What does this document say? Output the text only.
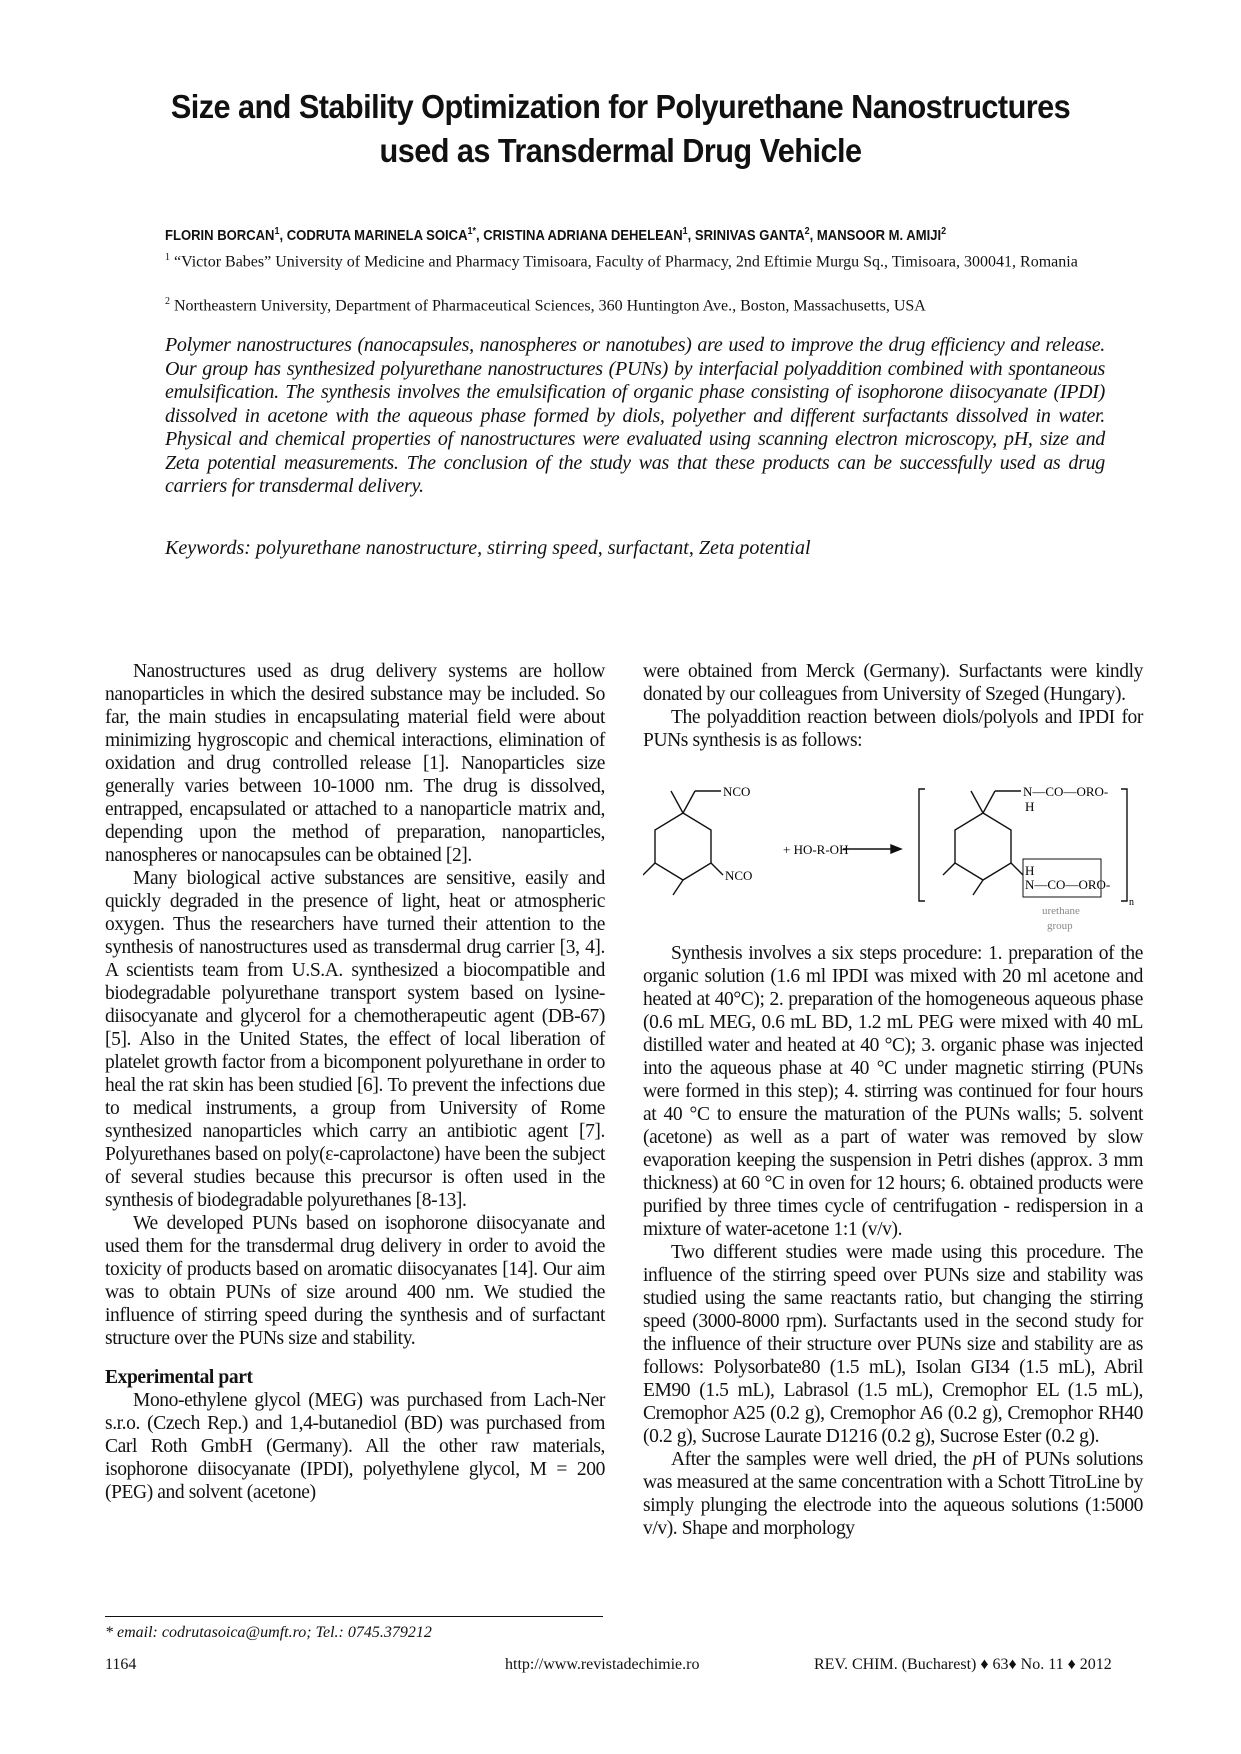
Size and Stability Optimization for Polyurethane Nanostructures
used as Transdermal Drug Vehicle
FLORIN BORCAN$^1$, CODRUTA MARINELA $SOICA^{1*}$, CRISTINA ADRIANA DEHELEAN$^1$, SRINIVAS GANTA$^2$, MANSOOR M. AMIJI$^2$
$^1$ “Victor Babes” University of Medicine and Pharmacy Timisoara, Faculty of Pharmacy, 2nd Eftimie Murgu Sq., Timisoara, 300041, Romania
$^2$ Northeastern University, Department of Pharmaceutical Sciences, 360 Huntington Ave., Boston, Massachusetts, USA
Polymer nanostructures (nanocapsules, nanospheres or nanotubes) are used to improve the drug efficiency and release. Our group has synthesized polyurethane nanostructures (PUNs) by interfacial polyaddition combined with spontaneous emulsification. The synthesis involves the emulsification of organic phase consisting of isophorone diisocyanate (IPDI) dissolved in acetone with the aqueous phase formed by diols, polyether and different surfactants dissolved in water. Physical and chemical properties of nanostructures were evaluated using scanning electron microscopy, pH, size and Zeta potential measurements. The conclusion of the study was that these products can be successfully used as drug carriers for transdermal delivery.
Keywords: polyurethane nanostructure, stirring speed, surfactant, Zeta potential

Nanostructures used as drug delivery systems are hollow nanoparticles in which the desired substance may be included. So far, the main studies in encapsulating material field were about minimizing hygroscopic and chemical interactions, elimination of oxidation and drug controlled release [1]. Nanoparticles size generally varies between 10-1000 nm. The drug is dissolved, entrapped, encapsulated or attached to a nanoparticle matrix and, depending upon the method of preparation, nanoparticles, nanospheres or nanocapsules can be obtained [2].

Many biological active substances are sensitive, easily and quickly degraded in the presence of light, heat or atmospheric oxygen. Thus the researchers have turned their attention to the synthesis of nanostructures used as transdermal drug carrier [3, 4]. A scientists team from U.S.A. synthesized a biocompatible and biodegradable polyurethane transport system based on lysine-diisocyanate and glycerol for a chemotherapeutic agent (DB-67) [5]. Also in the United States, the effect of local liberation of platelet growth factor from a bicomponent polyurethane in order to heal the rat skin has been studied [6]. To prevent the infections due to medical instruments, a group from University of Rome synthesized nanoparticles which carry an antibiotic agent [7]. Polyurethanes based on poly(ε-caprolactone) have been the subject of several studies because this precursor is often used in the synthesis of biodegradable polyurethanes [8-13].

We developed PUNs based on isophorone diisocyanate and used them for the transdermal drug delivery in order to avoid the toxicity of products based on aromatic diisocyanates [14]. Our aim was to obtain PUNs of size around 400 nm. We studied the influence of stirring speed during the synthesis and of surfactant structure over the PUNs size and stability.

Experimental part

Mono-ethylene glycol (MEG) was purchased from Lach-Ner s.r.o. (Czech Rep.) and 1,4-butanediol (BD) was purchased from Carl Roth GmbH (Germany). All the other raw materials, isophorone diisocyanate (IPDI), polyethylene glycol, M = 200 (PEG) and solvent (acetone)

were obtained from Merck (Germany). Surfactants were kindly donated by our colleagues from University of Szeged (Hungary).

The polyaddition reaction between diols/polyols and IPDI for PUNs synthesis is as follows:

NCO
NCO
+ HO-R-OH
N—CO—ORO-
H
H
N—CO—ORO-
n
urethane
group

Synthesis involves a six steps procedure: 1. preparation of the organic solution (1.6 ml IPDI was mixed with 20 ml acetone and heated at 40°C); 2. preparation of the homogeneous aqueous phase (0.6 mL MEG, 0.6 mL BD, 1.2 mL PEG were mixed with 40 mL distilled water and heated at 40 °C); 3. organic phase was injected into the aqueous phase at 40 °C under magnetic stirring (PUNs were formed in this step); 4. stirring was continued for four hours at 40 °C to ensure the maturation of the PUNs walls; 5. solvent (acetone) as well as a part of water was removed by slow evaporation keeping the suspension in Petri dishes (approx. 3 mm thickness) at 60 °C in oven for 12 hours; 6. obtained products were purified by three times cycle of centrifugation - redispersion in a mixture of water-acetone 1:1 (v/v).

Two different studies were made using this procedure. The influence of the stirring speed over PUNs size and stability was studied using the same reactants ratio, but changing the stirring speed (3000-8000 rpm). Surfactants used in the second study for the influence of their structure over PUNs size and stability are as follows: Polysorbate80 (1.5 mL), Isolan GI34 (1.5 mL), Abril EM90 (1.5 mL), Labrasol (1.5 mL), Cremophor EL (1.5 mL), Cremophor A25 (0.2 g), Cremophor A6 (0.2 g), Cremophor RH40 (0.2 g), Sucrose Laurate D1216 (0.2 g), Sucrose Ester (0.2 g).

After the samples were well dried, the pH of PUNs solutions was measured at the same concentration with a Schott TitroLine by simply plunging the electrode into the aqueous solutions (1:5000 v/v). Shape and morphology

* email: codrutasoica@umft.ro; Tel.: 0745.379212
1164	http://www.revistadechimie.ro	REV. CHIM. (Bucharest) ♦ 63♦ No. 11 ♦ 2012
